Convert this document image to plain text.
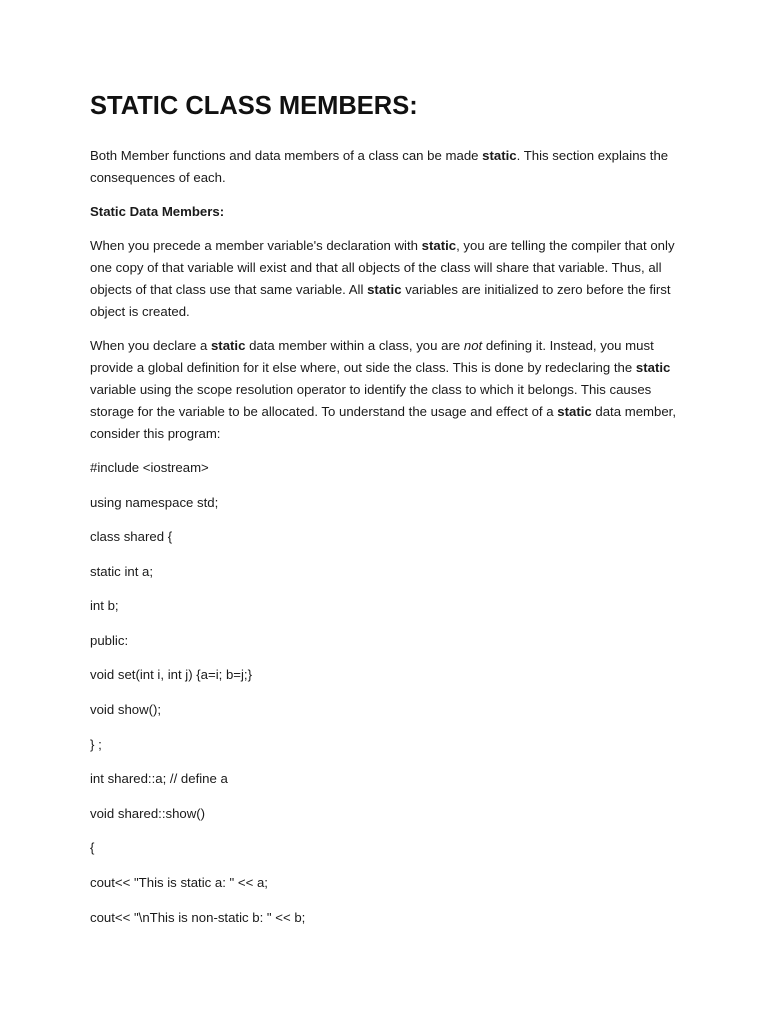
STATIC CLASS MEMBERS:

Both Member functions and data members of a class can be made static. This section explains the consequences of each.

Static Data Members:

When you precede a member variable's declaration with static, you are telling the compiler that only one copy of that variable will exist and that all objects of the class will share that variable. Thus, all objects of that class use that same variable. All static variables are initialized to zero before the first object is created.

When you declare a static data member within a class, you are not defining it. Instead, you must provide a global definition for it else where, out side the class. This is done by redeclaring the static variable using the scope resolution operator to identify the class to which it belongs. This causes storage for the variable to be allocated. To understand the usage and effect of a static data member, consider this program:

#include <iostream>
using namespace std;
class shared {
static int a;
int b;
public:
void set(int i, int j) {a=i; b=j;}
void show();
} ;
int shared::a; // define a
void shared::show()
{
cout<< "This is static a: " << a;
cout<< "\nThis is non-static b: " << b;
